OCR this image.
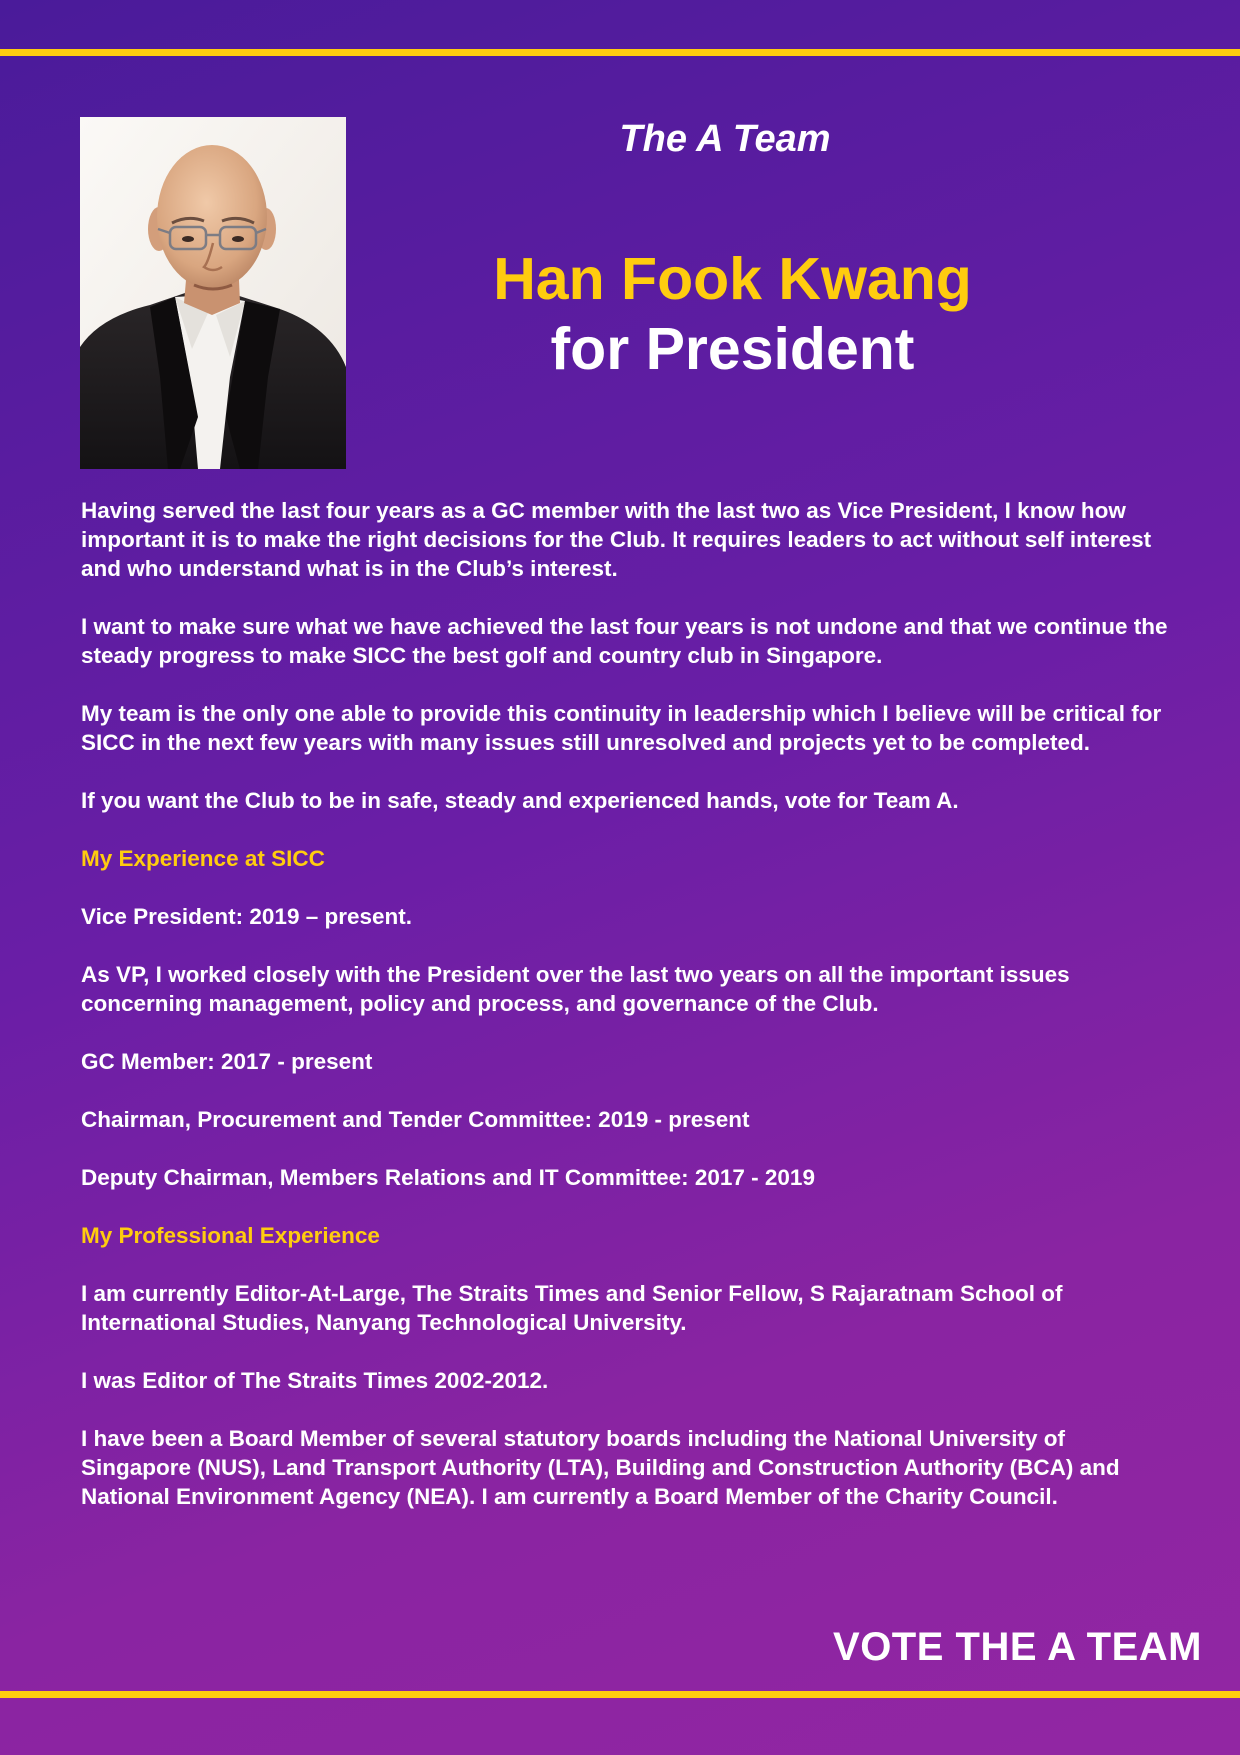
The A Team
Han Fook Kwang
for President

Having served the last four years as a GC member with the last two as Vice President, I know how important it is to make the right decisions for the Club. It requires leaders to act without self interest and who understand what is in the Club’s interest.

I want to make sure what we have achieved the last four years is not undone and that we continue the steady progress to make SICC the best golf and country club in Singapore.

My team is the only one able to provide this continuity in leadership which I believe will be critical for SICC in the next few years with many issues still unresolved and projects yet to be completed.

If you want the Club to be in safe, steady and experienced hands, vote for Team A.

My Experience at SICC

Vice President: 2019 – present.

As VP, I worked closely with the President over the last two years on all the important issues concerning management, policy and process, and governance of the Club.

GC Member: 2017 - present

Chairman, Procurement and Tender Committee: 2019 - present

Deputy Chairman, Members Relations and IT Committee: 2017 - 2019

My Professional Experience

I am currently Editor-At-Large, The Straits Times and Senior Fellow, S Rajaratnam School of International Studies, Nanyang Technological University.

I was Editor of The Straits Times 2002-2012.

I have been a Board Member of several statutory boards including the National University of Singapore (NUS), Land Transport Authority (LTA), Building and Construction Authority (BCA) and National Environment Agency (NEA). I am currently a Board Member of the Charity Council.

VOTE THE A TEAM
